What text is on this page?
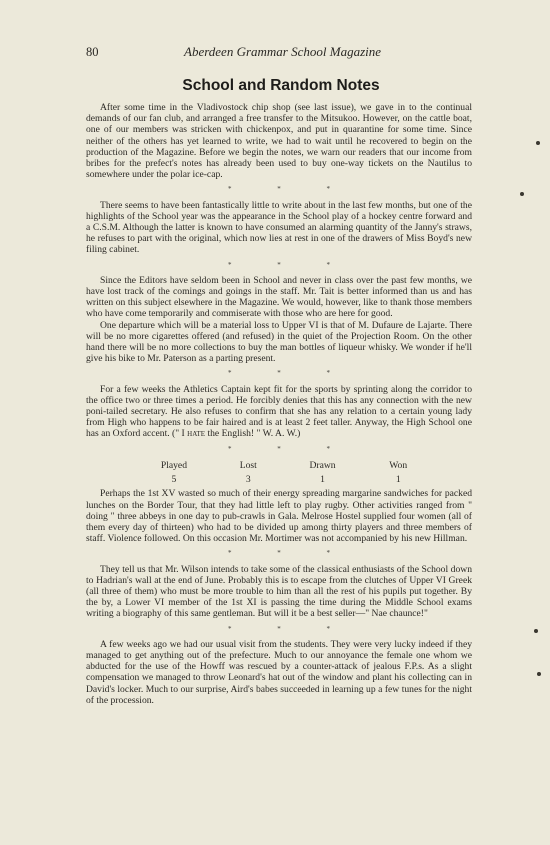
80	Aberdeen Grammar School Magazine
School and Random Notes

After some time in the Vladivostock chip shop (see last issue), we gave in to the continual demands of our fan club, and arranged a free transfer to the Mitsukoo. However, on the cattle boat, one of our members was stricken with chickenpox, and put in quarantine for some time. Since neither of the others has yet learned to write, we had to wait until he recovered to begin on the production of the Magazine. Before we begin the notes, we warn our readers that our income from bribes for the prefect's notes has already been used to buy one-way tickets on the Nautilus to somewhere under the polar ice-cap.

* * *

There seems to have been fantastically little to write about in the last few months, but one of the highlights of the School year was the appearance in the School play of a hockey centre forward and a C.S.M. Although the latter is known to have consumed an alarming quantity of the Janny's straws, he refuses to part with the original, which now lies at rest in one of the drawers of Miss Boyd's new filing cabinet.

* * *

Since the Editors have seldom been in School and never in class over the past few months, we have lost track of the comings and goings in the staff. Mr. Tait is better informed than us and has written on this subject elsewhere in the Magazine. We would, however, like to thank those members who have come temporarily and commiserate with those who are here for good.

One departure which will be a material loss to Upper VI is that of M. Dufaure de Lajarte. There will be no more cigarettes offered (and refused) in the quiet of the Projection Room. On the other hand there will be no more collections to buy the man bottles of liqueur whisky. We wonder if he'll give his bike to Mr. Paterson as a parting present.

* * *

For a few weeks the Athletics Captain kept fit for the sports by sprinting along the corridor to the office two or three times a period. He forcibly denies that this has any connection with the new poni-tailed secretary. He also refuses to confirm that she has any relation to a certain young lady from High who happens to be fair haired and is at least 2 feet taller. Anyway, the High School one has an Oxford accent. (" I hate the English! " W. A. W.)

* * *
Played	Lost	Drawn	Won
5	3	1	1

Perhaps the 1st XV wasted so much of their energy spreading margarine sandwiches for packed lunches on the Border Tour, that they had little left to play rugby. Other activities ranged from " doing " three abbeys in one day to pub-crawls in Gala. Melrose Hostel supplied four women (all of them every day of thirteen) who had to be divided up among thirty players and three members of staff. Violence followed. On this occasion Mr. Mortimer was not accompanied by his new Hillman.

* * *

They tell us that Mr. Wilson intends to take some of the classical enthusiasts of the School down to Hadrian's wall at the end of June. Probably this is to escape from the clutches of Upper VI Greek (all three of them) who must be more trouble to him than all the rest of his pupils put together. By the by, a Lower VI member of the 1st XI is passing the time during the Middle School exams writing a biography of this same gentleman. But will it be a best seller—" Nae chaunce!"

* * *

A few weeks ago we had our usual visit from the students. They were very lucky indeed if they managed to get anything out of the prefecture. Much to our annoyance the female one whom we abducted for the use of the Howff was rescued by a counter-attack of jealous F.P.s. As a slight compensation we managed to throw Leonard's hat out of the window and plant his collecting can in David's locker. Much to our surprise, Aird's babes succeeded in learning up a few tunes for the night of the procession.
